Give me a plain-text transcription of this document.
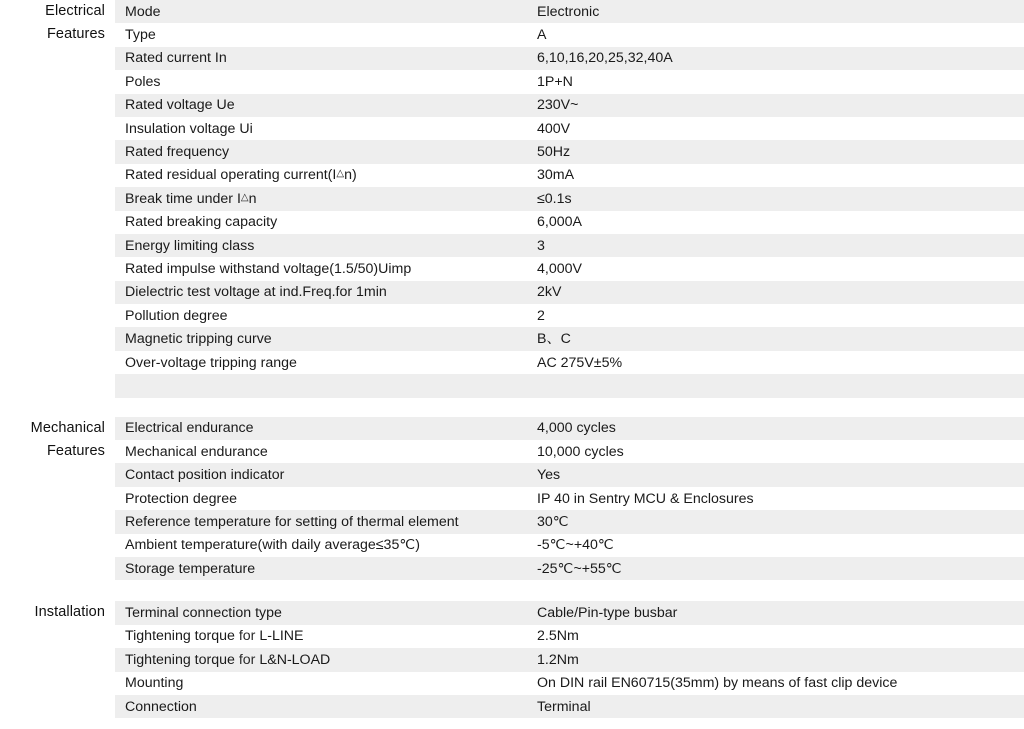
Electrical
Features
Mode	Electronic
Type	A
Rated current In	6,10,16,20,25,32,40A
Poles	1P+N
Rated voltage Ue	230V~
Insulation voltage Ui	400V
Rated frequency	50Hz
Rated residual operating current(I△n)	30mA
Break time under I△n	≤0.1s
Rated breaking capacity	6,000A
Energy limiting class	3
Rated impulse withstand voltage(1.5/50)Uimp	4,000V
Dielectric test voltage at ind.Freq.for 1min	2kV
Pollution degree	2
Magnetic tripping curve	B、C
Over-voltage tripping range	AC 275V±5%
Mechanical
Features
Electrical endurance	4,000 cycles
Mechanical endurance	10,000 cycles
Contact position indicator	Yes
Protection degree	IP 40 in Sentry MCU & Enclosures
Reference temperature for setting of thermal element	30℃
Ambient temperature(with daily average≤35℃)	-5℃~+40℃
Storage temperature	-25℃~+55℃
Installation	Terminal connection type	Cable/Pin-type busbar
Tightening torque for L-LINE	2.5Nm
Tightening torque for L&N-LOAD	1.2Nm
Mounting	On DIN rail EN60715(35mm) by means of fast clip device
Connection	Terminal
